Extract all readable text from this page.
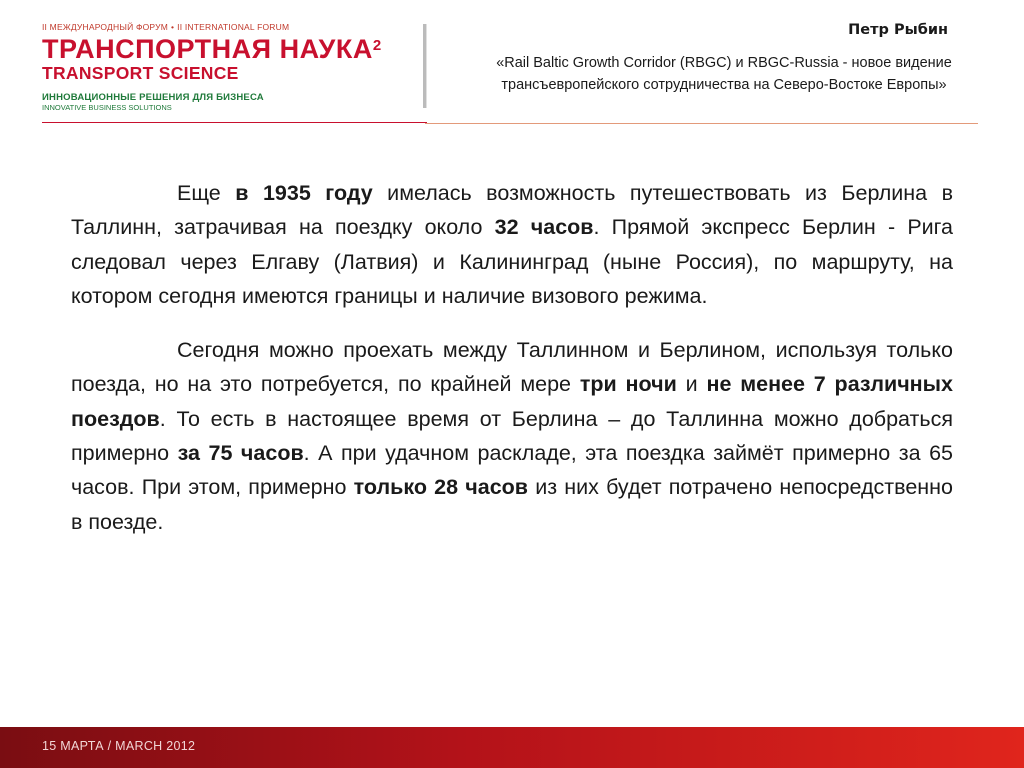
II МЕЖДУНАРОДНЫЙ ФОРУМ • II INTERNATIONAL FORUM
ТРАНСПОРТНАЯ НАУКА$^2$
TRANSPORT SCIENCE
ИННОВАЦИОННЫЕ РЕШЕНИЯ ДЛЯ БИЗНЕСА
INNOVATIVE BUSINESS SOLUTIONS
Петр Рыбин
«Rail Baltic Growth Corridor (RBGC) и RBGC-Russia - новое видение трансъевропейского сотрудничества на Северо-Востоке Европы»

Еще в 1935 году имелась возможность путешествовать из Берлина в Таллинн, затрачивая на поездку около 32 часов. Прямой экспресс Берлин - Рига следовал через Елгаву (Латвия) и Калининград (ныне Россия), по маршруту, на котором сегодня имеются границы и наличие визового режима.

Сегодня можно проехать между Таллинном и Берлином, используя только поезда, но на это потребуется, по крайней мере три ночи и не менее 7 различных поездов. То есть в настоящее время от Берлина – до Таллинна можно добраться примерно за 75 часов. А при удачном раскладе, эта поездка займёт примерно за 65 часов. При этом, примерно только 28 часов из них будет потрачено непосредственно в поезде.

15 МАРТА / MARCH 2012
